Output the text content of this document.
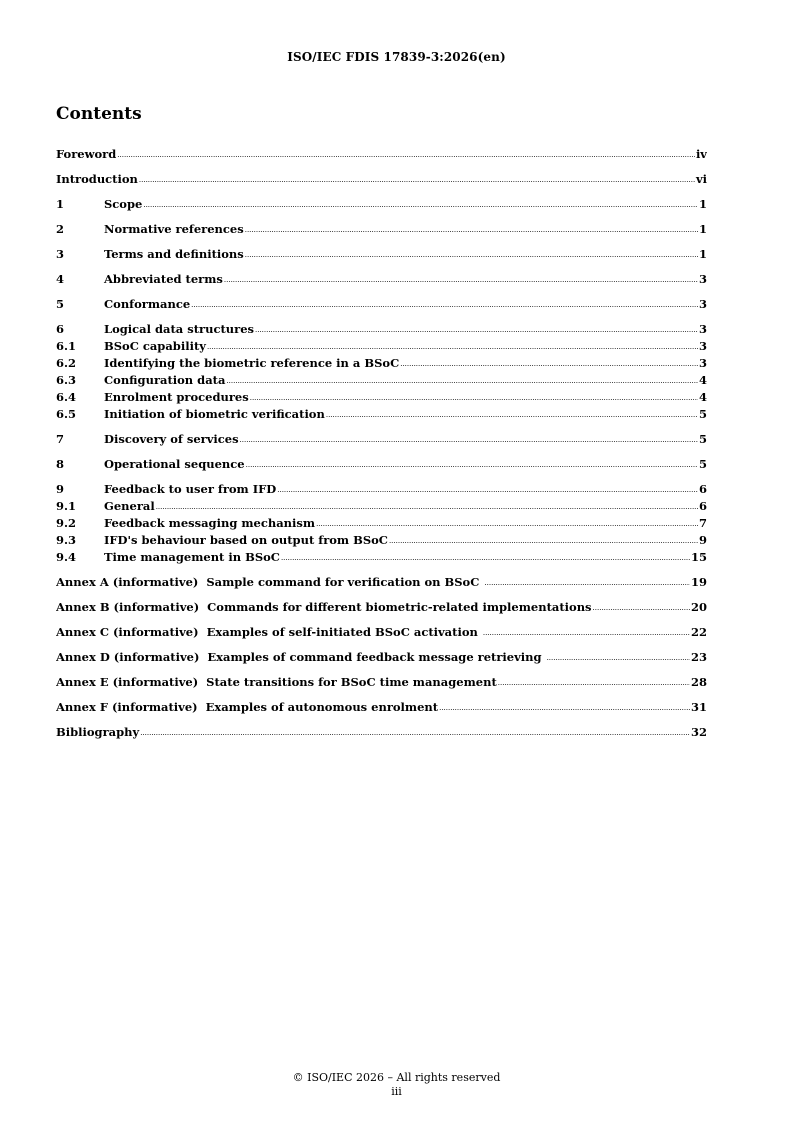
ISO/IEC FDIS 17839-3:2026(en)
Contents
Foreword .....	iv
Introduction .....	vi
1	Scope .....	1
2	Normative references .....	1
3	Terms and definitions .....	1
4	Abbreviated terms .....	3
5	Conformance .....	3
6	Logical data structures .....	3
6.1	BSoC capability .....	3
6.2	Identifying the biometric reference in a BSoC .....	3
6.3	Configuration data .....	4
6.4	Enrolment procedures .....	4
6.5	Initiation of biometric verification .....	5
7	Discovery of services .....	5
8	Operational sequence .....	5
9	Feedback to user from IFD .....	6
9.1	General .....	6
9.2	Feedback messaging mechanism .....	7
9.3	IFD's behaviour based on output from BSoC .....	9
9.4	Time management in BSoC .....	15
Annex A (informative)  Sample command for verification on BSoC .....	19
Annex B (informative)  Commands for different biometric-related implementations .....	20
Annex C (informative)  Examples of self-initiated BSoC activation .....	22
Annex D (informative)  Examples of command feedback message retrieving .....	23
Annex E (informative)  State transitions for BSoC time management .....	28
Annex F (informative)  Examples of autonomous enrolment .....	31
Bibliography .....	32
© ISO/IEC 2026 – All rights reserved
iii
